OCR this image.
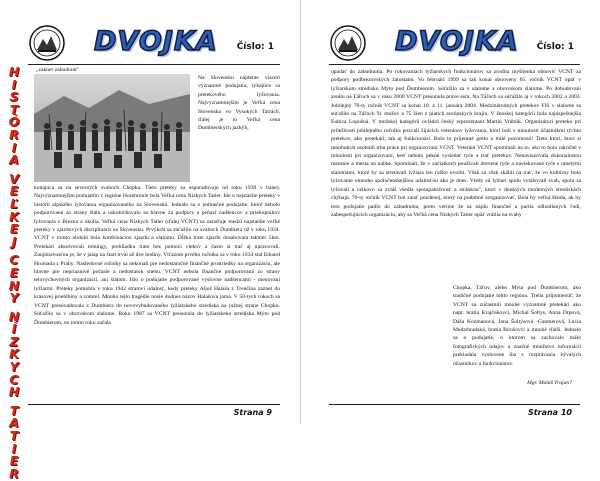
DVOJKA Číslo: 1
H
I
S
T
Ó
R
I
A
V
E
Ľ
K
E
J
C
E
N
Y
N
Í
Z
K
Y
C
H
T
A
T
I
E
R
„zakner zabudnutí"

Na Slovensku nájdeme viacerí významné podujatia, týkajúce sa pretekového lyžovania. Najvýznamnejším je Veľká cena Slovenska vo Vysokých Tatrách, ďalej je to Veľká cena Dumbierských jazkýh,

konajúca sa na severných svahoch Chopka. Tieto preteky sa usporadúvajú od roku 1939 v bane). Najvýznamnejším podujatím v regióne Horehronie bola Veľká cena Nízkych Tatier. Ide o najstaršie preteky v histórii alpského lyžovania organizovaného na Slovensku. Jednalo sa o jedinečné podujatie, ktoré nebolo podporované zo strany štátu a uskutočňovalo sa hlavne za podpory a peňazí nadšencov a priekopníkov lyžovania z Brezna a okolia. Veľká cena Nízkych Tatier (ďalej VCNT) sa zaraďuje medzi najstaršie veľké preteky v zjazdových disciplínach na Slovensku. Prvýkrát sa súťažilo na svahoch Dumbiera už v roku 1934. VCNT v tomto období bola kombináciou zjazdu a slalomu. Dĺžka trate zjazdu dosahovala takmer 5km. Pretekári absolvovali tréningy, prehliadku trate bez pomoci vlekov a často si trať aj upravovali. Zaujímavosťou je, že v jatap na štart trval až dve hodiny. Víťazom prvého ročníka sa v roku 1934 stal Eduard Hromada z Prahy. Nasledovné ročníky sa nekonali pre nedostatočné finančné prostriedky na organizáciu, ale hlavne pre nepriaznivé počasie a nedostatok snehu. VCNT nebola finančne podporovaná zo strany telovýchovných organizácií, ani štátom. Išlo o podujatie podporované výslovne nadšencami - menovaní lyžiarmi. Preteky pomohla v roku 1942 stratovi udalosť, kedy preteky Aljoš Halaša z Trenčína zaznel do krásovej priehlbiny a zomrel. Mnoho tejto tragédie nosie dodnes názov Halašova jama. V 50-tych rokoch sa VCNT presúvadovala z Dumbiera do novovybudovaného lyžiarskeho strediska na južnej strane Chopku. Súťažilo sa v obrovskom slalome. Roku 1987 sa VCNT presunula do lyžiarskeho strediska Mýto pod Ďumbierom, no tomto roku začala

Strana 9
DVOJKA Číslo: 1

upadať do zabudnutia. Po rokovaniach lyžiarskych funkcionárov sa zrodila myšlienka obnoviť VCNT za podpory podbrezovských žalostami. Vo februári 1999 sa tak konal obnovený 65. ročník VCNT opäť v lyžiarskom stredisku Mýto pod Ďumbierom. Súťažilo sa v slalome a obrovskom slalome. Po dobudovaní areálu na Táľoch sa v roku 2000 VCNT presunula práve sem. Na Táľoch sa súťažilo aj v rokoch 2002 a 2003. Jubilejný 70-ty ročník VCNT sa konal 10. a 11. januára 2004. Medzinárodných pretekov FIS v slalome sa súťažilo na Táľoch 91 mužov a 75 žien z piatich európskych krajín. V ženskej kategórii bola najúspešnejšia Eubica Lopušná. V mužskej kategórii ovládol český reprezentant Martin Vráblik. Organizátori preteku pri príležitosti jubilejného ročníka pozvali žijúcich veteránov lyžovania, ktorí boli v minulosti účastníkmi týchto pretekov, ako pretekári, tak aj funkcionári. Bolo to príjemné gesto a milé pozornosti! Tieto ktorí, ktorí si mnohokrát osobnili trhu práce pri organizovaní VCNT. Veteráni VCNT spomínali na to, ako to bolo náročné v minulosti pri organizovaní, keď nebolo pekné vysiedať tyče a trať pretekov. Nenaviazovala dokonalostou mesanie a mesta na nabbe. Spomínali, že v začiatkoch používali drevené tyče a navlekované tyče s umelými slalomami, ktoré by sa stretávali lyžiara len ťažko uvolili. Však sa však skáhli na trať, že vo kultúrny bolo lyžovanie omnoho spoločenskejšiou udalosťou ako je dnes. Vtedy sú lyžiari spolu vytáhovali svah, spolu sa lyžovali a celkovo sa zvláš všedla spolupatričnosť a stránkou", ktorí v dnešných moderných strediskách chýbajú. 70-ty ročník VCNT bol zaisť pozdenej, ktorý na podobné zorganizovať. Bola by veľká škoda, ak by toto podujatie padlo do zabudnutia, preto verime že sa nájdu finančné a partia odhodlaných ľudí, zabespečujúcich organizáciu, aby sa Veľká cena Nízkych Tatier opäť vrátila na svahy

Chopka, Táľov, alebo Mýta pod Ďumbierom, ako tradičné podujatie tohto regiónu. Treba pripomenúť, že VCNT sa zúčastnili mnohé významné pretekári ako napr. bratia Krajčúkovci, Michal Šoltys, Anna Drpová, Dáša Kozmanová, Jana Šoltýsová -Gantnerová, Lucia Medzihradská, bratia Bírošovci a mnohé ďalší. Jednalo sa o podujatie, o ktorom sa zachovalo málo fotografických údajov a značné množstvo informácií prekladala vyslovene iba z rozprávania bývalých účastníkov a funkcionárov.

Mgr. Matúš Trajan?
Strana 10
